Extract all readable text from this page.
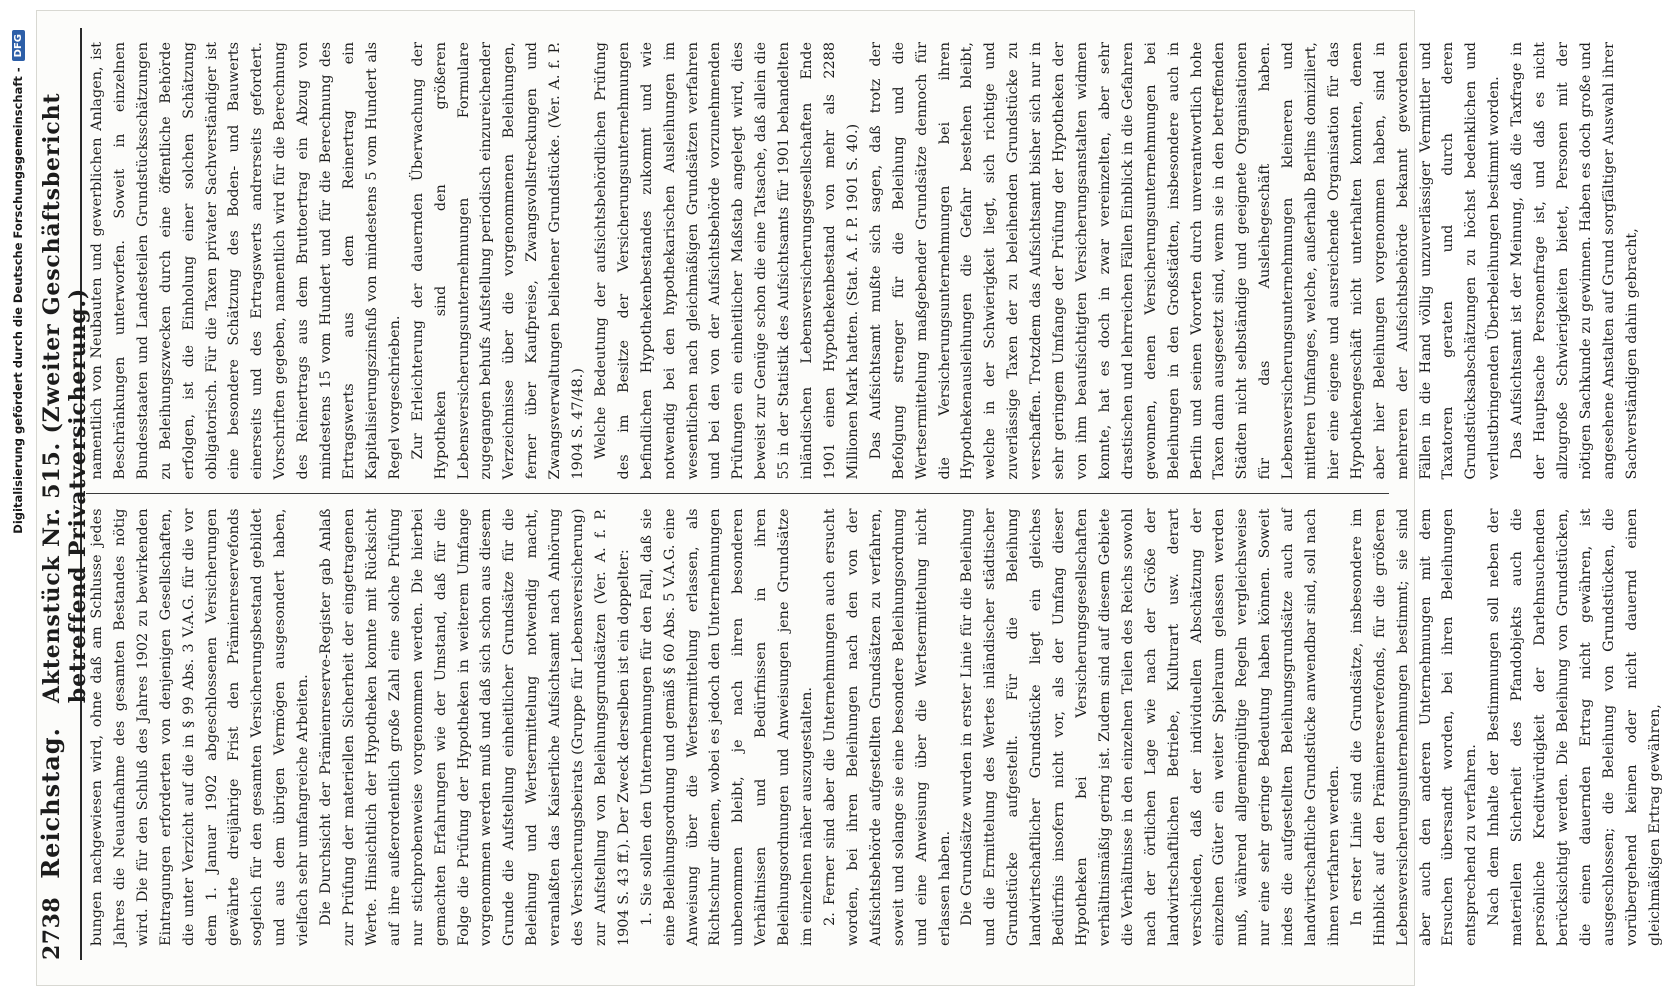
Digitalisierung gefördert durch die Deutsche Forschungsgemeinschaft -
DFG
2738
Reichstag.
Aktenstück Nr. 515. (Zweiter Geschäftsbericht betreffend Privatversicherung.)

bungen nachgewiesen wird, ohne daß am Schlusse jedes Jahres die Neuaufnahme des gesamten Bestandes nötig wird. Die für den Schluß des Jahres 1902 zu bewirkenden Eintragungen erforderten von denjenigen Gesellschaften, die unter Verzicht auf die in § 99 Abs. 3 V.A.G. für die vor dem 1. Januar 1902 abgeschlossenen Versicherungen gewährte dreijährige Frist den Prämienreservefonds sogleich für den gesamten Versicherungsbestand gebildet und aus dem übrigen Vermögen ausgesondert haben, vielfach sehr umfangreiche Arbeiten. Die Durchsicht der Prämienreserve-Register gab Anlaß zur Prüfung der materiellen Sicherheit der eingetragenen Werte. Hinsichtlich der Hypotheken konnte mit Rücksicht auf ihre außerordentlich große Zahl eine solche Prüfung nur stichprobenweise vorgenommen werden. Die hierbei gemachten Erfahrungen wie der Umstand, daß für die Folge die Prüfung der Hypotheken in weiterem Umfange vorgenommen werden muß und daß sich schon aus diesem Grunde die Aufstellung einheitlicher Grundsätze für die Beleihung und Wertsermittelung notwendig macht, veranlaßten das Kaiserliche Aufsichtsamt nach Anhörung des Versicherungsbeirats (Gruppe für Lebensversicherung) zur Aufstellung von Beleihungsgrundsätzen (Ver. A. f. P. 1904 S. 43 ff.). Der Zweck derselben ist ein doppelter: 1. Sie sollen den Unternehmungen für den Fall, daß sie eine Beleihungsordnung und gemäß § 60 Abs. 5 V.A.G. eine Anweisung über die Wertsermittelung erlassen, als Richtschnur dienen, wobei es jedoch den Unternehmungen unbenommen bleibt, je nach ihren besonderen Verhältnissen und Bedürfnissen in ihren Beleihungsordnungen und Anweisungen jene Grundsätze im einzelnen näher auszugestalten. 2. Ferner sind aber die Unternehmungen auch ersucht worden, bei ihren Beleihungen nach den von der Aufsichtsbehörde aufgestellten Grundsätzen zu verfahren, soweit und solange sie eine besondere Beleihungsordnung und eine Anweisung über die Wertsermittelung nicht erlassen haben. Die Grundsätze wurden in erster Linie für die Beleihung und die Ermittelung des Wertes inländischer städtischer Grundstücke aufgestellt. Für die Beleihung landwirtschaftlicher Grundstücke liegt ein gleiches Bedürfnis insofern nicht vor, als der Umfang dieser Hypotheken bei Versicherungsgesellschaften verhältnismäßig gering ist. Zudem sind auf diesem Gebiete die Verhältnisse in den einzelnen Teilen des Reichs sowohl nach der örtlichen Lage wie nach der Größe der landwirtschaftlichen Betriebe, Kulturart usw. derart verschieden, daß der individuellen Abschätzung der einzelnen Güter ein weiter Spielraum gelassen werden muß, während allgemeingültige Regeln vergleichsweise nur eine sehr geringe Bedeutung haben können. Soweit indes die aufgestellten Beleihungsgrundsätze auch auf landwirtschaftliche Grundstücke anwendbar sind, soll nach ihnen verfahren werden. In erster Linie sind die Grundsätze, insbesondere im Hinblick auf den Prämienreservefonds, für die größeren Lebensversicherungsunternehmungen bestimmt; sie sind aber auch den anderen Unternehmungen mit dem Ersuchen übersandt worden, bei ihren Beleihungen entsprechend zu verfahren. Nach dem Inhalte der Bestimmungen soll neben der materiellen Sicherheit des Pfandobjekts auch die persönliche Kreditwürdigkeit der Darlehnsuchenden berücksichtigt werden. Die Beleihung von Grundstücken, die einen dauernden Ertrag nicht gewähren, ist ausgeschlossen; die Beleihung von Grundstücken, die vorübergehend keinen oder nicht dauernd einen gleichmäßigen Ertrag gewähren,

namentlich von Neubauten und gewerblichen Anlagen, ist Beschränkungen unterworfen. Soweit in einzelnen Bundesstaaten und Landesteilen Grundstücksschätzungen zu Beleihungszwecken durch eine öffentliche Behörde erfolgen, ist die Einholung einer solchen Schätzung obligatorisch. Für die Taxen privater Sachverständiger ist eine besondere Schätzung des Boden- und Bauwerts einerseits und des Ertragswerts andrerseits gefordert. Vorschriften gegeben, namentlich wird für die Berechnung des Reinertrags aus dem Bruttoertrag ein Abzug von mindestens 15 vom Hundert und für die Berechnung des Ertragswerts aus dem Reinertrag ein Kapitalisierungszinsfuß von mindestens 5 vom Hundert als Regel vorgeschrieben. Zur Erleichterung der dauernden Überwachung der Hypotheken sind den größeren Lebensversicherungsunternehmungen Formulare zugegangen behufs Aufstellung periodisch einzureichender Verzeichnisse über die vorgenommenen Beleihungen, ferner über Kaufpreise, Zwangsvollstreckungen und Zwangsverwaltungen beliehener Grundstücke. (Ver. A. f. P. 1904 S. 47/48.) Welche Bedeutung der aufsichtsbehördlichen Prüfung des im Besitze der Versicherungsunternehmungen befindlichen Hypothekenbestandes zukommt und wie notwendig bei den hypothekarischen Ausleihungen im wesentlichen nach gleichmäßigen Grundsätzen verfahren und bei den von der Aufsichtsbehörde vorzunehmenden Prüfungen ein einheitlicher Maßstab angelegt wird, dies beweist zur Genüge schon die eine Tatsache, daß allein die 55 in der Statistik des Aufsichtsamts für 1901 behandelten inländischen Lebensversicherungsgesellschaften Ende 1901 einen Hypothekenbestand von mehr als 2288 Millionen Mark hatten. (Stat. A. f. P. 1901 S. 40.) Das Aufsichtsamt mußte sich sagen, daß trotz der Befolgung strenger für die Beleihung und die Wertsermittelung maßgebender Grundsätze dennoch für die Versicherungsunternehmungen bei ihren Hypothekenausleihungen die Gefahr bestehen bleibt, welche in der Schwierigkeit liegt, sich richtige und zuverlässige Taxen der zu beleihenden Grundstücke zu verschaffen. Trotzdem das Aufsichtsamt bisher sich nur in sehr geringem Umfange der Prüfung der Hypotheken der von ihm beaufsichtigten Versicherungsanstalten widmen konnte, hat es doch in zwar vereinzelten, aber sehr drastischen und lehrreichen Fällen Einblick in die Gefahren gewonnen, denen Versicherungsunternehmungen bei Beleihungen in den Großstädten, insbesondere auch in Berlin und seinen Vororten durch unverantwortlich hohe Taxen dann ausgesetzt sind, wenn sie in den betreffenden Städten nicht selbständige und geeignete Organisationen für das Ausleihegeschäft haben. Lebensversicherungsunternehmungen kleineren und mittleren Umfanges, welche, außerhalb Berlins domiziliert, hier eine eigene und ausreichende Organisation für das Hypothekengeschäft nicht unterhalten konnten, denen aber hier Beleihungen vorgenommen haben, sind in mehreren der Aufsichtsbehörde bekannt gewordenen Fällen in die Hand völlig unzuverlässiger Vermittler und Taxatoren geraten und durch deren Grundstücksabschätzungen zu höchst bedenklichen und verlustbringenden Überbeleihungen bestimmt worden. Das Aufsichtsamt ist der Meinung, daß die Taxfrage in der Hauptsache Personenfrage ist, und daß es nicht allzugroße Schwierigkeiten bietet, Personen mit der nötigen Sachkunde zu gewinnen. Haben es doch große und angesehene Anstalten auf Grund sorgfältiger Auswahl ihrer Sachverständigen dahin gebracht,
